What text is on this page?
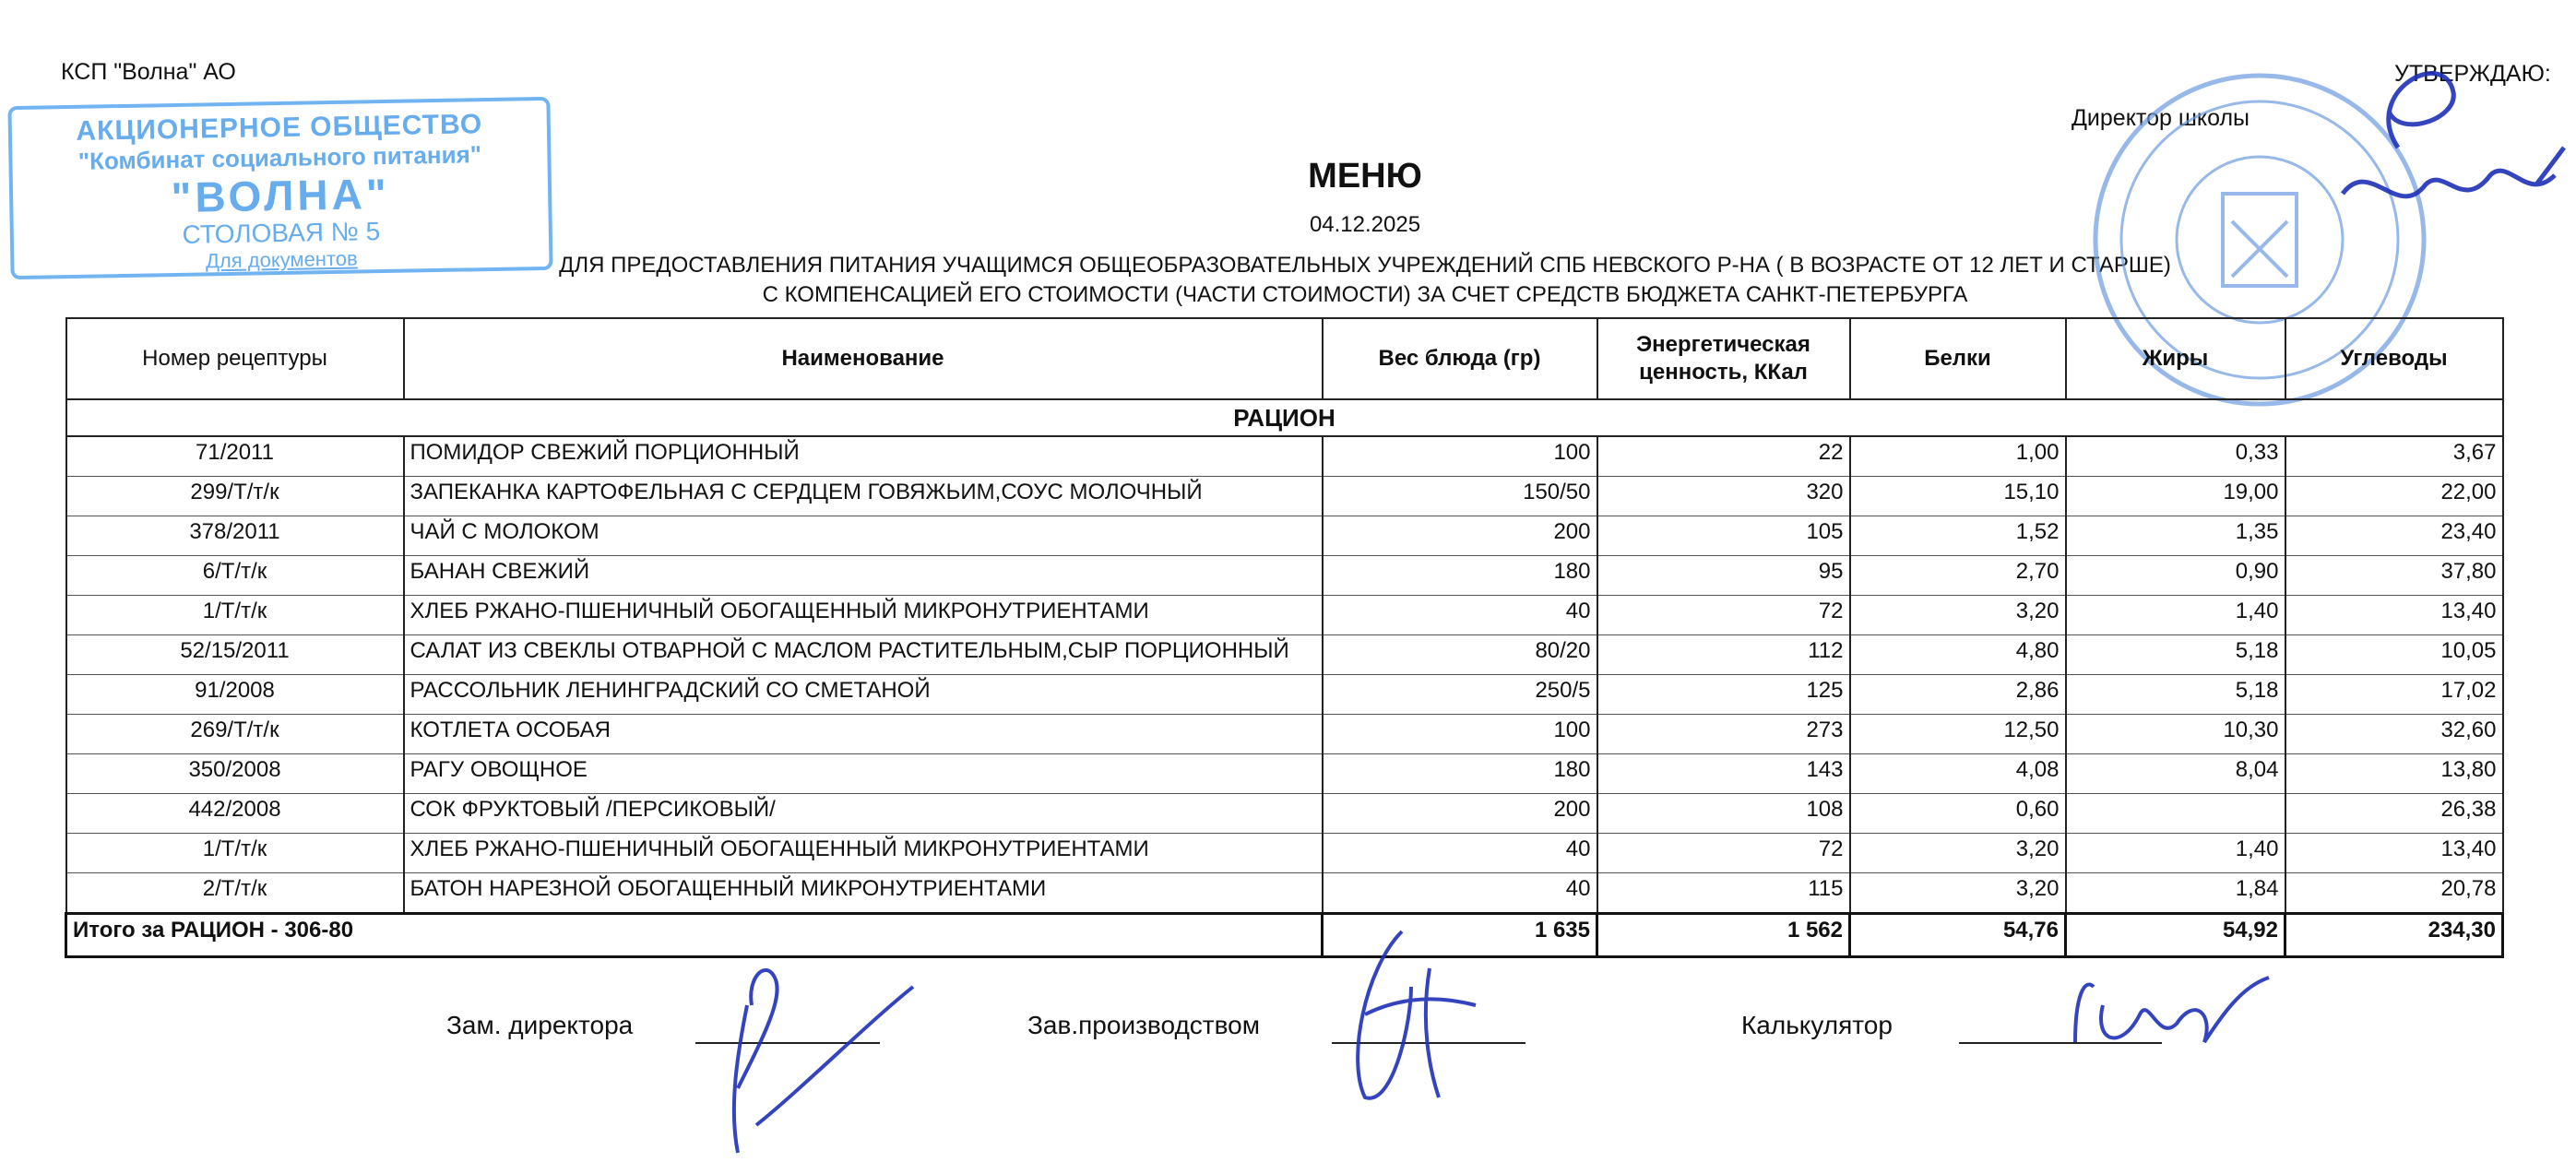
КСП "Волна" АО	УТВЕРЖДАЮ:
Директор школы
МЕНЮ
04.12.2025
ДЛЯ ПРЕДОСТАВЛЕНИЯ ПИТАНИЯ УЧАЩИМСЯ ОБЩЕОБРАЗОВАТЕЛЬНЫХ УЧРЕЖДЕНИЙ СПБ НЕВСКОГО Р-НА ( В ВОЗРАСТЕ ОТ 12 ЛЕТ И СТАРШЕ)
С КОМПЕНСАЦИЕЙ ЕГО СТОИМОСТИ (ЧАСТИ СТОИМОСТИ) ЗА СЧЕТ СРЕДСТВ БЮДЖЕТА САНКТ-ПЕТЕРБУРГА
АКЦИОНЕРНОЕ ОБЩЕСТВО
"Комбинат социального питания"
"ВОЛНА"
СТОЛОВАЯ № 5
Для документов
Номер рецептуры	Наименование	Вес блюда (гр)	Энергетическая ценность, ККал	Белки	Жиры	Углеводы
РАЦИОН						
71/2011	ПОМИДОР СВЕЖИЙ ПОРЦИОННЫЙ	100	22	1,00	0,33	3,67
299/Т/т/к	ЗАПЕКАНКА КАРТОФЕЛЬНАЯ С СЕРДЦЕМ ГОВЯЖЬИМ,СОУС МОЛОЧНЫЙ	150/50	320	15,10	19,00	22,00
378/2011	ЧАЙ С МОЛОКОМ	200	105	1,52	1,35	23,40
6/Т/т/к	БАНАН СВЕЖИЙ	180	95	2,70	0,90	37,80
1/Т/т/к	ХЛЕБ РЖАНО-ПШЕНИЧНЫЙ ОБОГАЩЕННЫЙ МИКРОНУТРИЕНТАМИ	40	72	3,20	1,40	13,40
52/15/2011	САЛАТ ИЗ СВЕКЛЫ ОТВАРНОЙ С МАСЛОМ РАСТИТЕЛЬНЫМ,СЫР ПОРЦИОННЫЙ	80/20	112	4,80	5,18	10,05
91/2008	РАССОЛЬНИК ЛЕНИНГРАДСКИЙ СО СМЕТАНОЙ	250/5	125	2,86	5,18	17,02
269/Т/т/к	КОТЛЕТА ОСОБАЯ	100	273	12,50	10,30	32,60
350/2008	РАГУ ОВОЩНОЕ	180	143	4,08	8,04	13,80
442/2008	СОК ФРУКТОВЫЙ /ПЕРСИКОВЫЙ/	200	108	0,60		26,38
1/Т/т/к	ХЛЕБ РЖАНО-ПШЕНИЧНЫЙ ОБОГАЩЕННЫЙ МИКРОНУТРИЕНТАМИ	40	72	3,20	1,40	13,40
2/Т/т/к	БАТОН НАРЕЗНОЙ ОБОГАЩЕННЫЙ МИКРОНУТРИЕНТАМИ	40	115	3,20	1,84	20,78
Итого за РАЦИОН - 306-80		1 635	1 562	54,76	54,92	234,30
Зам. директора	Зав.производством	Калькулятор
